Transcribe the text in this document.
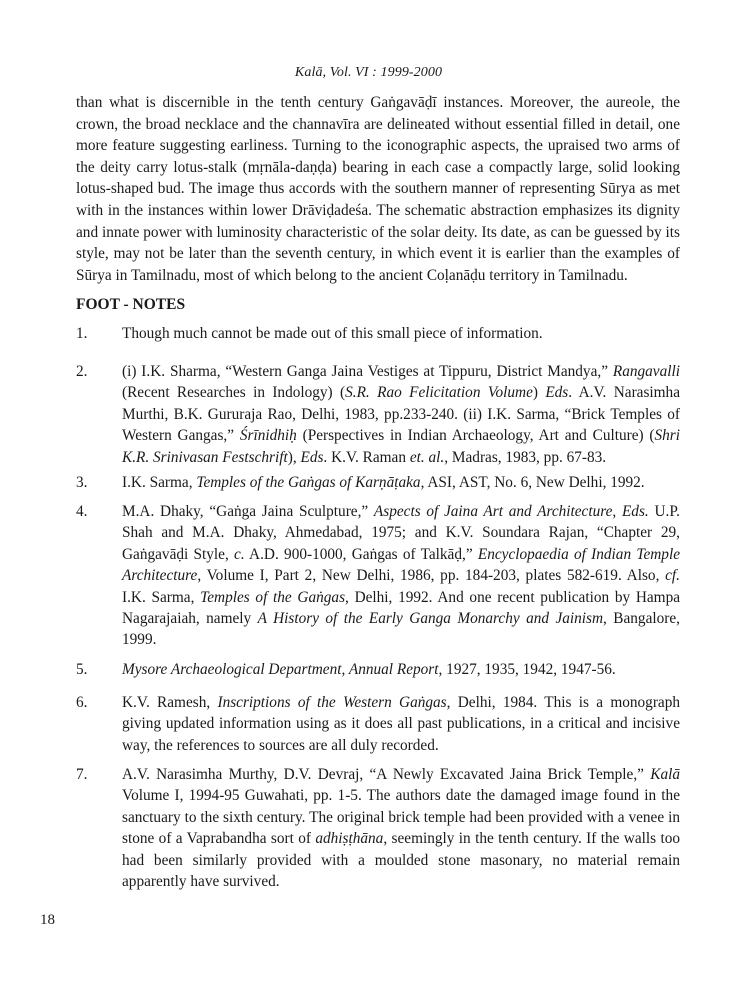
Kalā, Vol. VI : 1999-2000
than what is discernible in the tenth century Gaṅgavāḍī instances. Moreover, the aureole, the crown, the broad necklace and the channavīra are delineated without essential filled in detail, one more feature suggesting earliness. Turning to the iconographic aspects, the upraised two arms of the deity carry lotus-stalk (mṛnāla-daṇḍa) bearing in each case a compactly large, solid looking lotus-shaped bud. The image thus accords with the southern manner of representing Sūrya as met with in the instances within lower Drāviḍadeśa. The schematic abstraction emphasizes its dignity and innate power with luminosity characteristic of the solar deity. Its date, as can be guessed by its style, may not be later than the seventh century, in which event it is earlier than the examples of Sūrya in Tamilnadu, most of which belong to the ancient Coḷanāḍu territory in Tamilnadu.
FOOT - NOTES
1.	Though much cannot be made out of this small piece of information.
2.	(i) I.K. Sharma, “Western Ganga Jaina Vestiges at Tippuru, District Mandya,” Rangavalli (Recent Researches in Indology) (S.R. Rao Felicitation Volume) Eds. A.V. Narasimha Murthi, B.K. Gururaja Rao, Delhi, 1983, pp.233-240. (ii) I.K. Sarma, “Brick Temples of Western Gangas,” Śrīnidhiḥ (Perspectives in Indian Archaeology, Art and Culture) (Shri K.R. Srinivasan Festschrift), Eds. K.V. Raman et. al., Madras, 1983, pp. 67-83.
3.	I.K. Sarma, Temples of the Gaṅgas of Karṇāṭaka, ASI, AST, No. 6, New Delhi, 1992.
4.	M.A. Dhaky, “Gaṅga Jaina Sculpture,” Aspects of Jaina Art and Architecture, Eds. U.P. Shah and M.A. Dhaky, Ahmedabad, 1975; and K.V. Soundara Rajan, “Chapter 29, Gaṅgavāḍi Style, c. A.D. 900-1000, Gaṅgas of Talkāḍ,” Encyclopaedia of Indian Temple Architecture, Volume I, Part 2, New Delhi, 1986, pp. 184-203, plates 582-619. Also, cf. I.K. Sarma, Temples of the Gaṅgas, Delhi, 1992. And one recent publication by Hampa Nagarajaiah, namely A History of the Early Ganga Monarchy and Jainism, Bangalore, 1999.
5.	Mysore Archaeological Department, Annual Report, 1927, 1935, 1942, 1947-56.
6.	K.V. Ramesh, Inscriptions of the Western Gaṅgas, Delhi, 1984. This is a monograph giving updated information using as it does all past publications, in a critical and incisive way, the references to sources are all duly recorded.
7.	A.V. Narasimha Murthy, D.V. Devraj, “A Newly Excavated Jaina Brick Temple,” Kalā Volume I, 1994-95 Guwahati, pp. 1-5. The authors date the damaged image found in the sanctuary to the sixth century. The original brick temple had been provided with a venee in stone of a Vaprabandha sort of adhiṣṭhāna, seemingly in the tenth century. If the walls too had been similarly provided with a moulded stone masonary, no material remain apparently have survived.
18
